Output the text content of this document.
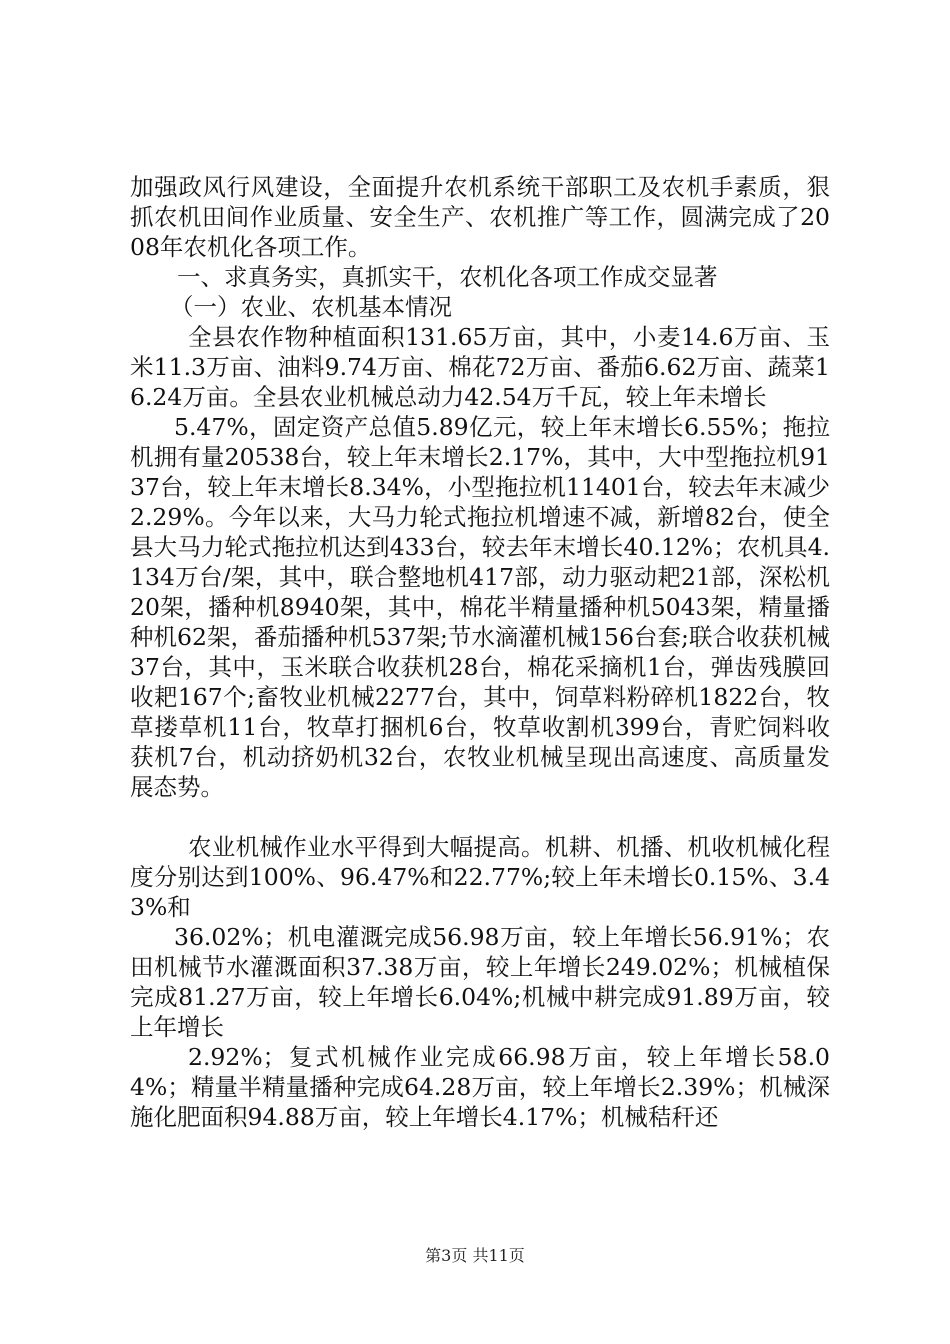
加强政风行风建设，全面提升农机系统干部职工及农机手素质，狠抓农机田间作业质量、安全生产、农机推广等工作，圆满完成了2008年农机化各项工作。

一、求真务实，真抓实干，农机化各项工作成交显著

（一）农业、农机基本情况

全县农作物种植面积131.65万亩，其中，小麦14.6万亩、玉米11.3万亩、油料9.74万亩、棉花72万亩、番茄6.62万亩、蔬菜16.24万亩。全县农业机械总动力42.54万千瓦，较上年未增长

5.47%，固定资产总值5.89亿元，较上年末增长6.55%；拖拉机拥有量20538台，较上年末增长2.17%，其中，大中型拖拉机9137台，较上年末增长8.34%，小型拖拉机11401台，较去年末减少2.29%。今年以来，大马力轮式拖拉机增速不减，新增82台，使全县大马力轮式拖拉机达到433台，较去年末增长40.12%；农机具4.134万台/架，其中，联合整地机417部，动力驱动耙21部，深松机20架，播种机8940架，其中，棉花半精量播种机5043架，精量播种机62架，番茄播种机537架;节水滴灌机械156台套;联合收获机械37台，其中，玉米联合收获机28台，棉花采摘机1台，弹齿残膜回收耙167个;畜牧业机械2277台，其中，饲草料粉碎机1822台，牧草搂草机11台，牧草打捆机6台，牧草收割机399台，青贮饲料收获机7台，机动挤奶机32台，农牧业机械呈现出高速度、高质量发展态势。

农业机械作业水平得到大幅提高。机耕、机播、机收机械化程度分别达到100%、96.47%和22.77%;较上年未增长0.15%、3.43%和

36.02%；机电灌溉完成56.98万亩，较上年增长56.91%；农田机械节水灌溉面积37.38万亩，较上年增长249.02%；机械植保完成81.27万亩，较上年增长6.04%;机械中耕完成91.89万亩，较上年增长

2.92%；复式机械作业完成66.98万亩，较上年增长58.04%；精量半精量播种完成64.28万亩，较上年增长2.39%；机械深施化肥面积94.88万亩，较上年增长4.17%；机械秸秆还

第3页 共11页
